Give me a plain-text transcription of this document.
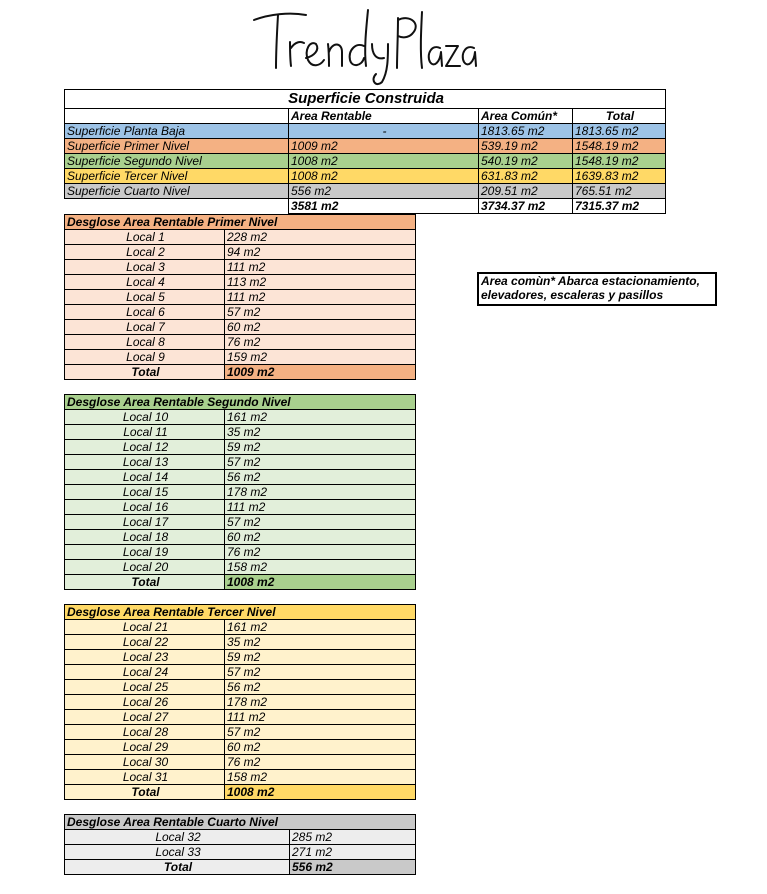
Superficie Construida			
	Area Rentable	Area Común*	Total
Superficie Planta Baja	-	1813.65 m2	1813.65 m2
Superficie Primer Nivel	1009 m2	539.19 m2	1548.19 m2
Superficie Segundo Nivel	1008 m2	540.19 m2	1548.19 m2
Superficie Tercer Nivel	1008 m2	631.83 m2	1639.83 m2
Superficie Cuarto Nivel	556 m2	209.51 m2	765.51 m2
	3581 m2	3734.37 m2	7315.37 m2
Area comùn* Abarca estacionamiento,
elevadores, escaleras y pasillos
Desglose Area Rentable Primer Nivel	
Local 1	228 m2
Local 2	94 m2
Local 3	111 m2
Local 4	113 m2
Local 5	111 m2
Local 6	57 m2
Local 7	60 m2
Local 8	76 m2
Local 9	159 m2
Total	1009 m2
Desglose Area Rentable Segundo Nivel	
Local 10	161 m2
Local 11	35 m2
Local 12	59 m2
Local 13	57 m2
Local 14	56 m2
Local 15	178 m2
Local 16	111 m2
Local 17	57 m2
Local 18	60 m2
Local 19	76 m2
Local 20	158 m2
Total	1008 m2
Desglose Area Rentable Tercer Nivel	
Local 21	161 m2
Local 22	35 m2
Local 23	59 m2
Local 24	57 m2
Local 25	56 m2
Local 26	178 m2
Local 27	111 m2
Local 28	57 m2
Local 29	60 m2
Local 30	76 m2
Local 31	158 m2
Total	1008 m2
Desglose Area Rentable Cuarto Nivel	
Local 32	285 m2
Local 33	271 m2
Total	556 m2
